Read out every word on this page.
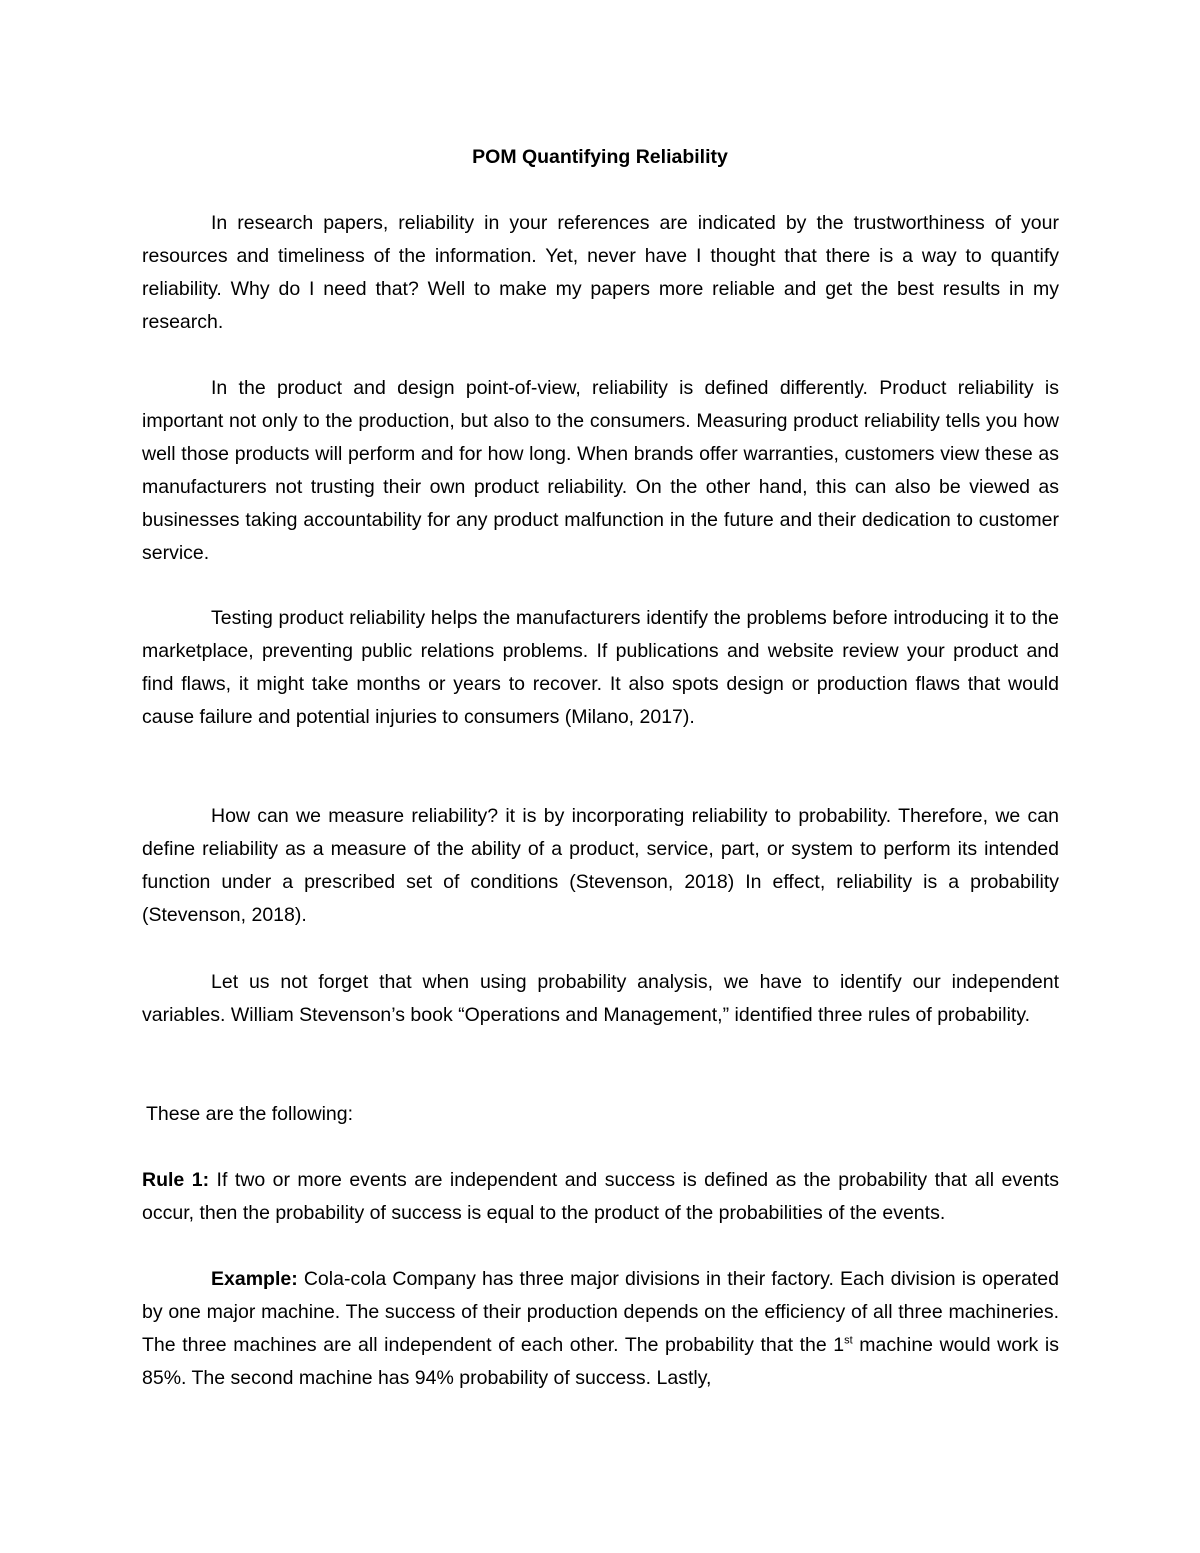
POM Quantifying Reliability

In research papers, reliability in your references are indicated by the trustworthiness of your resources and timeliness of the information. Yet, never have I thought that there is a way to quantify reliability. Why do I need that? Well to make my papers more reliable and get the best results in my research.

In the product and design point-of-view, reliability is defined differently. Product reliability is important not only to the production, but also to the consumers. Measuring product reliability tells you how well those products will perform and for how long. When brands offer warranties, customers view these as manufacturers not trusting their own product reliability. On the other hand, this can also be viewed as businesses taking accountability for any product malfunction in the future and their dedication to customer service.

Testing product reliability helps the manufacturers identify the problems before introducing it to the marketplace, preventing public relations problems. If publications and website review your product and find flaws, it might take months or years to recover. It also spots design or production flaws that would cause failure and potential injuries to consumers (Milano, 2017).

How can we measure reliability? it is by incorporating reliability to probability. Therefore, we can define reliability as a measure of the ability of a product, service, part, or system to perform its intended function under a prescribed set of conditions (Stevenson, 2018) In effect, reliability is a probability (Stevenson, 2018).

Let us not forget that when using probability analysis, we have to identify our independent variables. William Stevenson’s book “Operations and Management,” identified three rules of probability.

These are the following:

Rule 1: If two or more events are independent and success is defined as the probability that all events occur, then the probability of success is equal to the product of the probabilities of the events.

Example: Cola-cola Company has three major divisions in their factory. Each division is operated by one major machine. The success of their production depends on the efficiency of all three machineries. The three machines are all independent of each other. The probability that the 1st machine would work is 85%. The second machine has 94% probability of success. Lastly,
